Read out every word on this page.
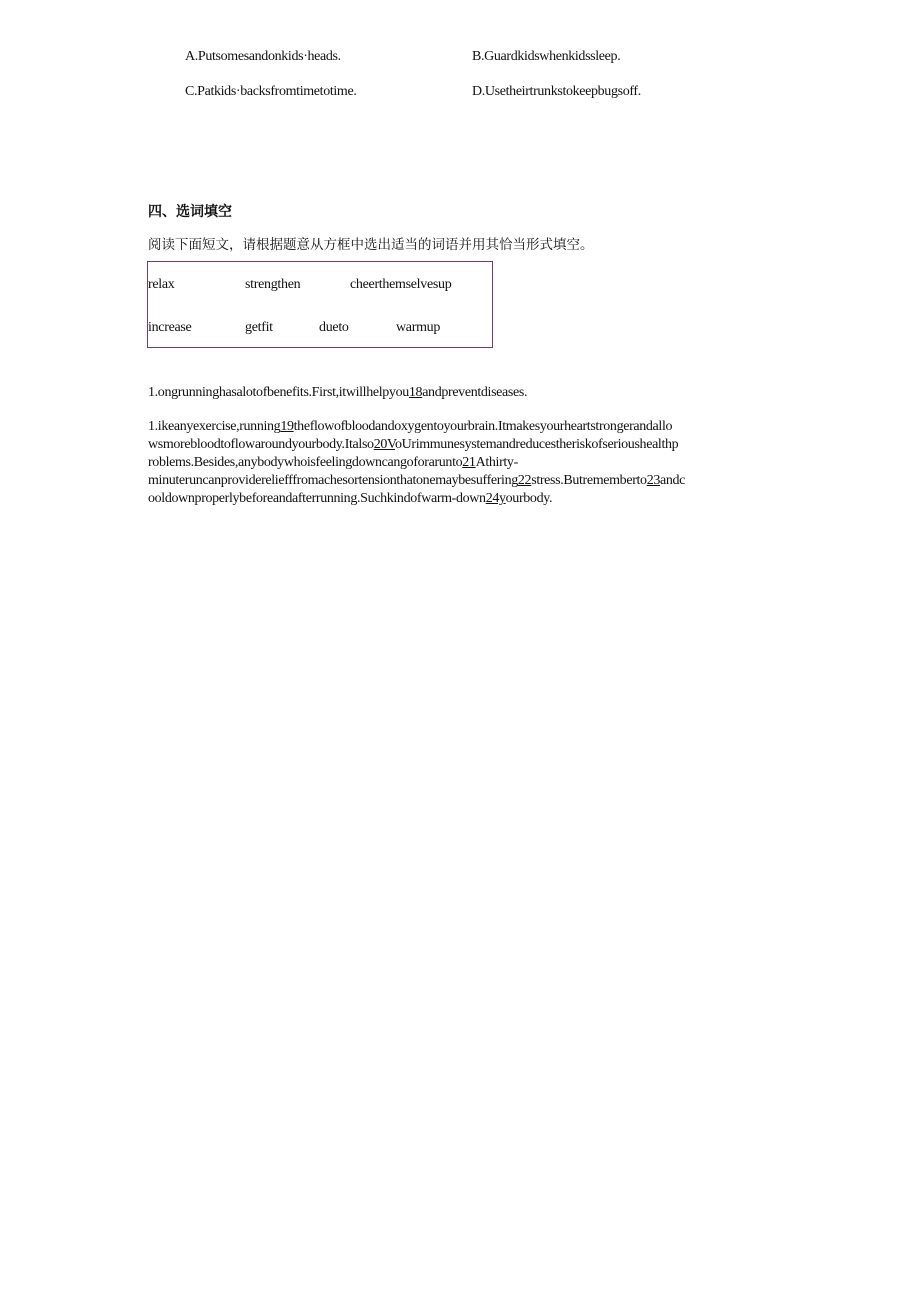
A.Putsomesandonkids·heads.	B.Guardkidswhenkidssleep.
C.Patkids·backsfromtimetotime.	D.Usetheirtrunkstokeepbugsoff.
四、选词填空
阅读下面短文，请根据题意从方框中选出适当的词语并用其恰当形式填空。
relax	strengthen	cheerthemselvesup
increase	getfit	dueto	warmup
1.ongrunninghasalotofbenefits.First,itwillhelpyou18andpreventdiseases.
1.ikeanyexercise,running19theflowofbloodandoxygentoyourbrain.Itmakesyourheartstrongerandallo
wsmorebloodtoflowaroundyourbody.Italso20VoUrimmunesystemandreducestheriskofserioushealthp
roblems.Besides,anybodywhoisfeelingdowncangoforarunto21Athirty-
minuteruncanprovidereliefffromachesortensionthatonemaybesuffering22stress.Butrememberto23andc
ooldownproperlybeforeandafterrunning.Suchkindofwarm-down24yourbody.
